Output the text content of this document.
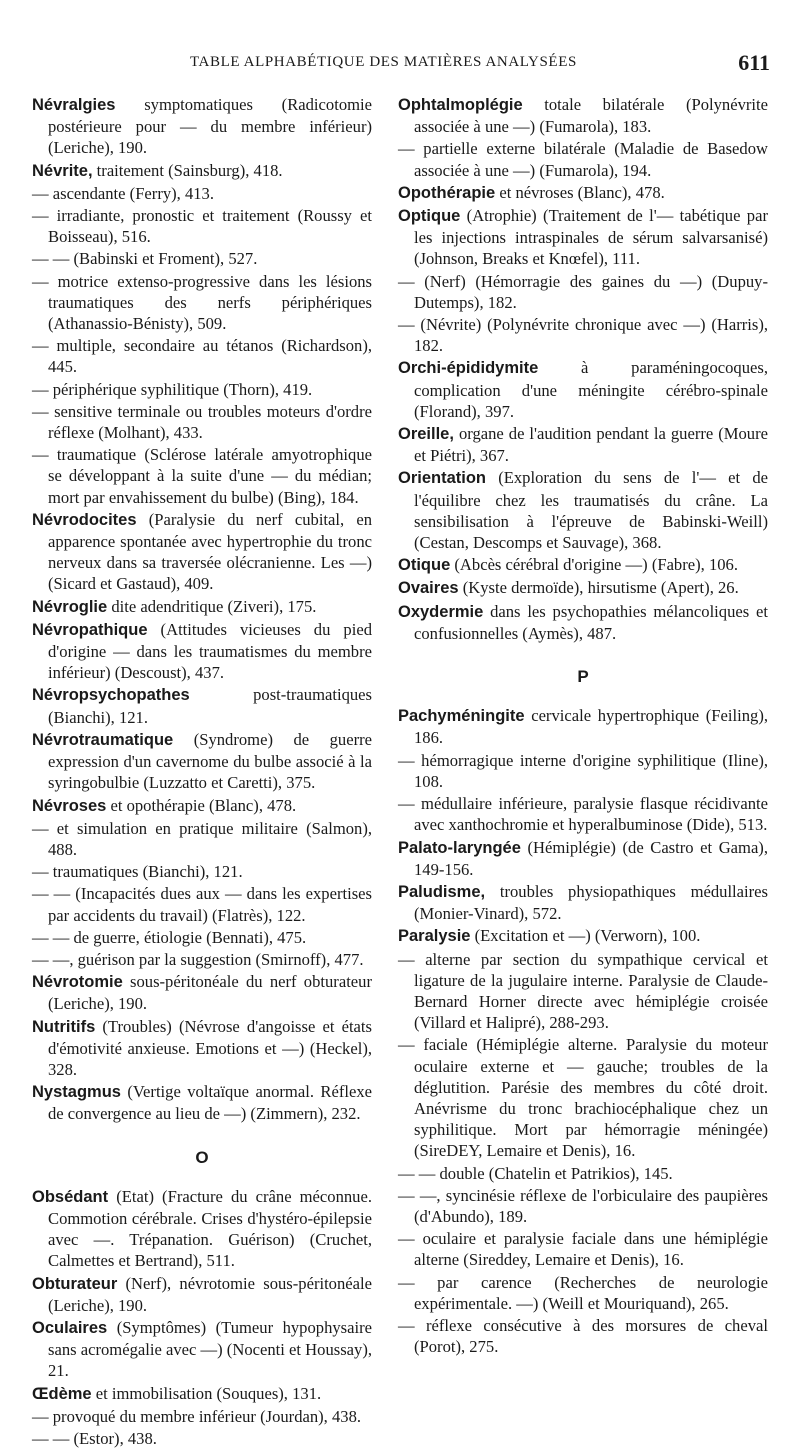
TABLE ALPHABÉTIQUE DES MATIÈRES ANALYSÉES	611

Névralgies symptomatiques (Radicotomie postérieure pour — du membre inférieur) (Leriche), 190.

Névrite, traitement (Sainsburg), 418.

— ascendante (Ferry), 413.

— irradiante, pronostic et traitement (Roussy et Boisseau), 516.

— — (Babinski et Froment), 527.

— motrice extenso-progressive dans les lésions traumatiques des nerfs périphériques (Athanassio-Bénisty), 509.

— multiple, secondaire au tétanos (Richardson), 445.

— périphérique syphilitique (Thorn), 419.

— sensitive terminale ou troubles moteurs d'ordre réflexe (Molhant), 433.

— traumatique (Sclérose latérale amyotrophique se développant à la suite d'une — du médian; mort par envahissement du bulbe) (Bing), 184.

Névrodocites (Paralysie du nerf cubital, en apparence spontanée avec hypertrophie du tronc nerveux dans sa traversée olécranienne. Les —) (Sicard et Gastaud), 409.

Névroglie dite adendritique (Ziveri), 175.

Névropathique (Attitudes vicieuses du pied d'origine — dans les traumatismes du membre inférieur) (Descoust), 437.

Névropsychopathes post-traumatiques (Bianchi), 121.

Névrotraumatique (Syndrome) de guerre expression d'un cavernome du bulbe associé à la syringobulbie (Luzzatto et Caretti), 375.

Névroses et opothérapie (Blanc), 478.

— et simulation en pratique militaire (Salmon), 488.

— traumatiques (Bianchi), 121.

— — (Incapacités dues aux — dans les expertises par accidents du travail) (Flatrès), 122.

— — de guerre, étiologie (Bennati), 475.

— —, guérison par la suggestion (Smirnoff), 477.

Névrotomie sous-péritonéale du nerf obturateur (Leriche), 190.

Nutritifs (Troubles) (Névrose d'angoisse et états d'émotivité anxieuse. Emotions et —) (Heckel), 328.

Nystagmus (Vertige voltaïque anormal. Réflexe de convergence au lieu de —) (Zimmern), 232.

O

Obsédant (Etat) (Fracture du crâne méconnue. Commotion cérébrale. Crises d'hystéro-épilepsie avec —. Trépanation. Guérison) (Cruchet, Calmettes et Bertrand), 511.

Obturateur (Nerf), névrotomie sous-péritonéale (Leriche), 190.

Oculaires (Symptômes) (Tumeur hypophysaire sans acromégalie avec —) (Nocenti et Houssay), 21.

Œdème et immobilisation (Souques), 131.

— provoqué du membre inférieur (Jourdan), 438.

— — (Estor), 438.

Ophtalmoplégie totale bilatérale (Polynévrite associée à une —) (Fumarola), 183.

— partielle externe bilatérale (Maladie de Basedow associée à une —) (Fumarola), 194.

Opothérapie et névroses (Blanc), 478.

Optique (Atrophie) (Traitement de l'— tabétique par les injections intraspinales de sérum salvarsanisé) (Johnson, Breaks et Knœfel), 111.

— (Nerf) (Hémorragie des gaines du —) (Dupuy-Dutemps), 182.

— (Névrite) (Polynévrite chronique avec —) (Harris), 182.

Orchi-épididymite à paraméningocoques, complication d'une méningite cérébro-spinale (Florand), 397.

Oreille, organe de l'audition pendant la guerre (Moure et Piétri), 367.

Orientation (Exploration du sens de l'— et de l'équilibre chez les traumatisés du crâne. La sensibilisation à l'épreuve de Babinski-Weill) (Cestan, Descomps et Sauvage), 368.

Otique (Abcès cérébral d'origine —) (Fabre), 106.

Ovaires (Kyste dermoïde), hirsutisme (Apert), 26.

Oxydermie dans les psychopathies mélancoliques et confusionnelles (Aymès), 487.

P

Pachyméningite cervicale hypertrophique (Feiling), 186.

— hémorragique interne d'origine syphilitique (Iline), 108.

— médullaire inférieure, paralysie flasque récidivante avec xanthochromie et hyperalbuminose (Dide), 513.

Palato-laryngée (Hémiplégie) (de Castro et Gama), 149-156.

Paludisme, troubles physiopathiques médullaires (Monier-Vinard), 572.

Paralysie (Excitation et —) (Verworn), 100.

— alterne par section du sympathique cervical et ligature de la jugulaire interne. Paralysie de Claude-Bernard Horner directe avec hémiplégie croisée (Villard et Halipré), 288-293.

— faciale (Hémiplégie alterne. Paralysie du moteur oculaire externe et — gauche; troubles de la déglutition. Parésie des membres du côté droit. Anévrisme du tronc brachiocéphalique chez un syphilitique. Mort par hémorragie méningée) (SireDEY, Lemaire et Denis), 16.

— — double (Chatelin et Patrikios), 145.

— —, syncinésie réflexe de l'orbiculaire des paupières (d'Abundo), 189.

— oculaire et paralysie faciale dans une hémiplégie alterne (Sireddey, Lemaire et Denis), 16.

— par carence (Recherches de neurologie expérimentale. —) (Weill et Mouriquand), 265.

— réflexe consécutive à des morsures de cheval (Porot), 275.
